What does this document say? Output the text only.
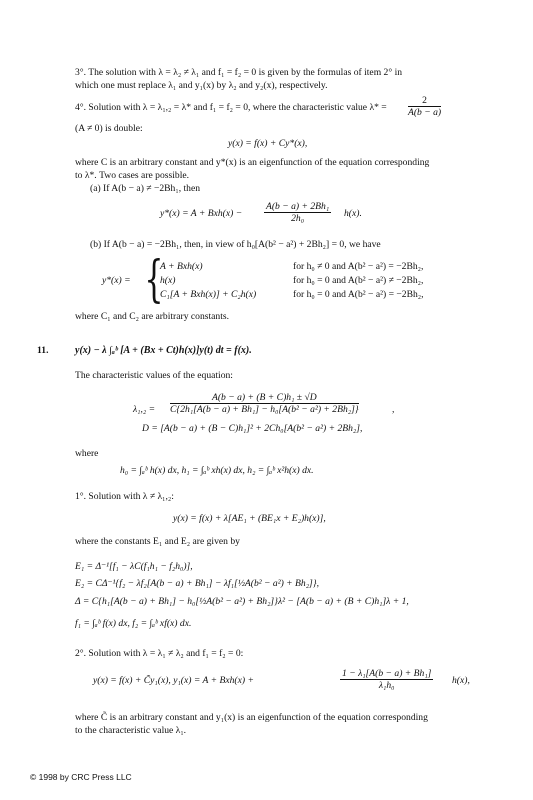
3°. The solution with λ = λ₂ ≠ λ₁ and f₁ = f₂ = 0 is given by the formulas of item 2° in
which one must replace λ₁ and y₁(x) by λ₂ and y₂(x), respectively.
4°. Solution with λ = λ₁,₂ = λ* and f₁ = f₂ = 0, where the characteristic value $\lambda* = \frac{2}{A(b - a)}$
(A ≠ 0) is double:
y(x) = f(x) + Cy*(x),
where C is an arbitrary constant and y*(x) is an eigenfunction of the equation corresponding
to λ*. Two cases are possible.
(a) If A(b − a) ≠ −2Bh₁, then
$y*(x) = A + Bxh(x) - \frac{\text{A(b − a) + 2Bh₁}}{\text{2h₀}} h(x)$.
(b) If A(b − a) = −2Bh₁, then, in view of h₀[A(b² − a²) + 2Bh₂] = 0, we have
y*(x) = {
A + Bxh(x)	for h₀ ≠ 0 and A(b² − a²) = −2Bh₂,
h(x)	for h₀ = 0 and A(b² − a²) ≠ −2Bh₂,
C₁[A + Bxh(x)] + C₂h(x)	for h₀ = 0 and A(b² − a²) = −2Bh₂,
where C₁ and C₂ are arbitrary constants.
11.	y(x) − λ ∫ₐᵇ [A + (Bx + Ct)h(x)]y(t) dt = f(x).
The characteristic values of the equation:
$\lambda_1,_2 = \frac{\text{A(b − a) + (B + C)h₁ ± √D}}{\text{C\{2h₁[A(b − a) + Bh₁] − h₀[A(b² − a²) + 2Bh₂]\}}}$	,
D = [A(b − a) + (B − C)h₁]² + 2Ch₀[A(b² − a²) + 2Bh₂],
where
h₀ = ∫ₐᵇ h(x) dx, h₁ = ∫ₐᵇ xh(x) dx, h₂ = ∫ₐᵇ x²h(x) dx.
1°. Solution with λ ≠ λ₁,₂:
y(x) = f(x) + λ[AE₁ + (BE₁x + E₂)h(x)],
where the constants E₁ and E₂ are given by
E₁ = Δ⁻¹[f₁ − λC(f₁h₁ − f₂h₀)],
E₂ = CΔ⁻¹{f₂ − λf₂[A(b − a) + Bh₁] − λf₁[½A(b² − a²) + Bh₂]},
Δ = C{h₁[A(b − a) + Bh₁] − h₀[½A(b² − a²) + Bh₂]}λ² − [A(b − a) + (B + C)h₁]λ + 1,
f₁ = ∫ₐᵇ f(x) dx, f₂ = ∫ₐᵇ xf(x) dx.
2°. Solution with λ = λ₁ ≠ λ₂ and f₁ = f₂ = 0:
y(x) = f(x) + C̃y₁(x), y₁(x) = A + Bxh(x) +	$\frac{\text{1 − λ₁[A(b − a) + Bh₁]}}{\text{λ₁h₀}} h(x)$,
where C̃ is an arbitrary constant and y₁(x) is an eigenfunction of the equation corresponding
to the characteristic value λ₁.
© 1998 by CRC Press LLC
